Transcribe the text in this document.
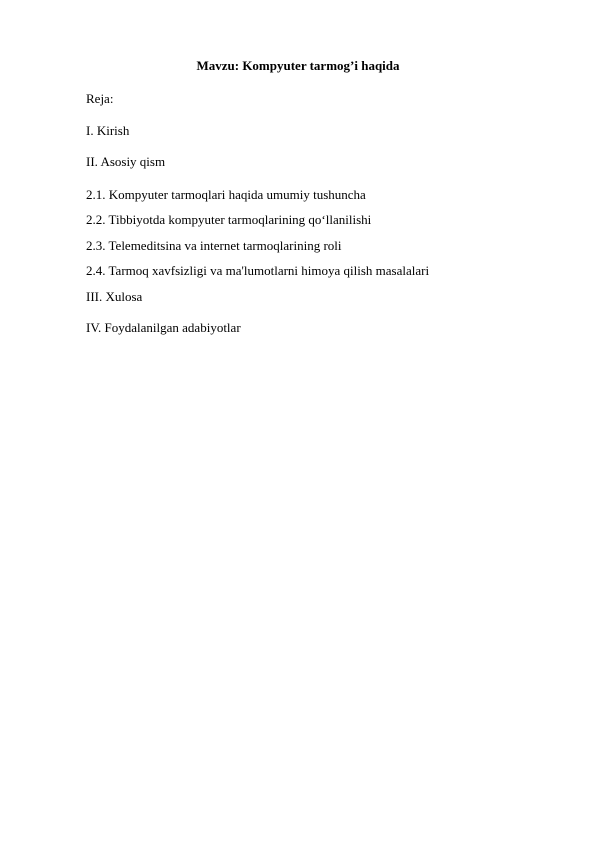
Mavzu: Kompyuter tarmog’i haqida
Reja:
I. Kirish
II. Asosiy qism
2.1. Kompyuter tarmoqlari haqida umumiy tushuncha
2.2. Tibbiyotda kompyuter tarmoqlarining qo‘llanilishi
2.3. Telemeditsina va internet tarmoqlarining roli
2.4. Tarmoq xavfsizligi va ma'lumotlarni himoya qilish masalalari
III. Xulosa
IV. Foydalanilgan adabiyotlar
